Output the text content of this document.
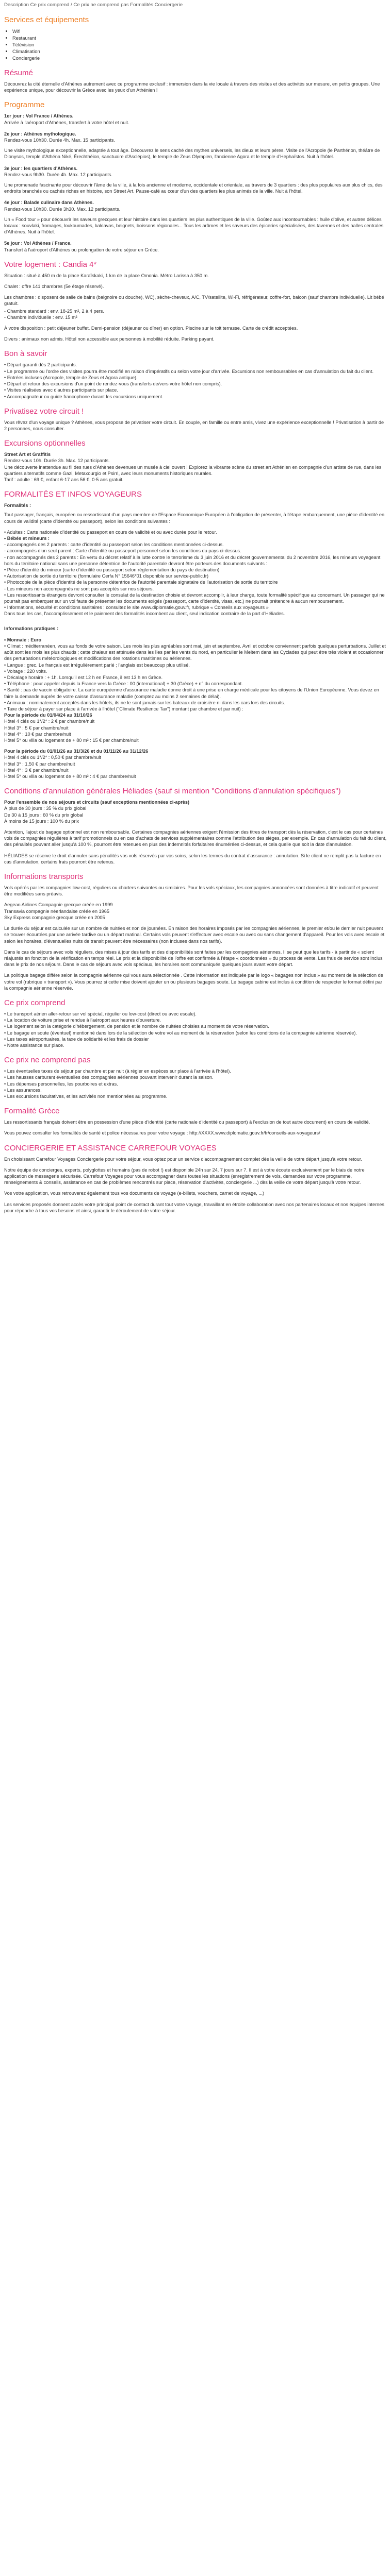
Description Ce prix comprend / Ce prix ne comprend pas Formalités Conciergerie

Services et équipements
• Wifi
• Restaurant
• Télévision
• Climatisation
• Conciergerie
Résumé

Découvrez la cité éternelle d'Athènes autrement avec ce programme exclusif : immersion dans la vie locale à travers des visites et des activités sur mesure, en petits groupes. Une expérience unique, pour découvrir la Grèce avec les yeux d'un Athénien !

Programme

1er jour : Vol France / Athènes.

Arrivée à l'aéroport d'Athènes, transfert à votre hôtel et nuit.

2e jour : Athènes mythologique.

Rendez-vous 10h30. Durée 4h. Max. 15 participants.

Une visite mythologique exceptionnelle, adaptée à tout âge. Découvrez le sens caché des mythes universels, les dieux et leurs pères. Visite de l'Acropole (le Parthénon, théâtre de Dionysos, temple d'Athéna Niké, Érechthéion, sanctuaire d'Asclépios), le temple de Zeus Olympien, l'ancienne Agora et le temple d'Hephaïstos. Nuit à l'hôtel.

3e jour : les quartiers d'Athènes.

Rendez-vous 9h30. Durée 4h. Max. 12 participants.

Une promenade fascinante pour découvrir l'âme de la ville, à la fois ancienne et moderne, occidentale et orientale, au travers de 3 quartiers : des plus populaires aux plus chics, des endroits branchés ou cachés riches en histoire, son Street Art. Pause-café au cœur d'un des quartiers les plus animés de la ville. Nuit à l'hôtel.

4e jour : Balade culinaire dans Athènes.

Rendez-vous 10h30. Durée 3h30. Max. 12 participants.

Un « Food tour » pour découvrir les saveurs grecques et leur histoire dans les quartiers les plus authentiques de la ville. Goûtez aux incontournables : huile d'olive, et autres délices locaux : souvlaki, fromages, loukoumades, baklavas, beignets, boissons régionales... Tous les arômes et les saveurs des épiceries spécialisées, des tavernes et des halles centrales d'Athènes. Nuit à l'hôtel.

5e jour : Vol Athènes / France.

Transfert à l'aéroport d'Athènes ou prolongation de votre séjour en Grèce.

Votre logement : Candia 4*

Situation : situé à 450 m de la place Karaïskaki, 1 km de la place Omonia. Métro Larissa à 350 m.

Chalet : offre 141 chambres (5e étage réservé).

Les chambres : disposent de salle de bains (baignoire ou douche), WC), sèche-cheveux, A/C, TV/satellite, Wi-Fi, réfrigérateur, coffre-fort, balcon (sauf chambre individuelle). Lit bébé gratuit.

- Chambre standard : env. 18-25 m², 2 à 4 pers.
- Chambre individuelle : env. 15 m²

À votre disposition : petit déjeuner buffet. Demi-pension (déjeuner ou dîner) en option. Piscine sur le toit terrasse. Carte de crédit acceptées.

Divers : animaux non admis. Hôtel non accessible aux personnes à mobilité réduite. Parking payant.

Bon à savoir

• Départ garanti dès 2 participants.

• Le programme ou l'ordre des visites pourra être modifié en raison d'impératifs ou selon votre jour d'arrivée. Excursions non remboursables en cas d'annulation du fait du client.

• Entrées incluses (Acropole, temple de Zeus et Agora antique).

• Départ et retour des excursions d'un point de rendez-vous (transferts de/vers votre hôtel non compris).

• Visites réalisées avec d'autres participants sur place.

• Accompagnateur ou guide francophone durant les excursions uniquement.

Privatisez votre circuit !

Vous rêvez d'un voyage unique ? Athènes, vous propose de privatiser votre circuit. En couple, en famille ou entre amis, vivez une expérience exceptionnelle ! Privatisation à partir de 2 personnes, nous consulter.

Excursions optionnelles

Street Art et Graffitis

Rendez-vous 10h. Durée 3h. Max. 12 participants.

Une découverte inattendue au fil des rues d'Athènes devenues un musée à ciel ouvert ! Explorez la vibrante scène du street art Athénien en compagnie d'un artiste de rue, dans les quartiers alternatifs comme Gazi, Metaxourgio et Psirri, avec leurs monuments historiques murales.

Tarif : adulte : 69 €, enfant 6-17 ans 56 €, 0-5 ans gratuit.

FORMALITÉS ET INFOS VOYAGEURS

Formalités :

Tout passager, français, européen ou ressortissant d'un pays membre de l'Espace Economique Européen à l'obligation de présenter, à l'étape embarquement, une pièce d'identité en cours de validité (carte d'identité ou passeport), selon les conditions suivantes :

• Adultes : Carte nationale d'identité ou passeport en cours de validité et ou avec durée pour le retour.

• Bébés et mineurs :

- accompagnés des 2 parents : carte d'identité ou passeport selon les conditions mentionnées ci-dessus.
- accompagnés d'un seul parent : Carte d'identité ou passeport personnel selon les conditions du pays ci-dessus.
- non accompagnés des 2 parents : En vertu du décret relatif à la lutte contre le terrorisme du 3 juin 2016 et du décret gouvernemental du 2 novembre 2016, les mineurs voyageant hors du territoire national sans une personne détentrice de l'autorité parentale devront être porteurs des documents suivants :

• Pièce d'identité du mineur (carte d'identité ou passeport selon réglementation du pays de destination)
• Autorisation de sortie du territoire (formulaire Cerfa N° 15646*01 disponible sur service-public.fr)
• Photocopie de la pièce d'identité de la personne détentrice de l'autorité parentale signataire de l'autorisation de sortie du territoire

- Les mineurs non accompagnés ne sont pas acceptés sur nos séjours.

• Les ressortissants étrangers devront consulter le consulat de la destination choisie et devront accomplir, à leur charge, toute formalité spécifique au concernant. Un passager qui ne pourrait pas embarquer sur un vol faute de présenter les documents exigés (passeport, carte d'identité, visas, etc.) ne pourrait prétendre à aucun remboursement.

• Informations, sécurité et conditions sanitaires : consultez le site www.diplomatie.gouv.fr, rubrique « Conseils aux voyageurs »

Dans tous les cas, l'accomplissement et le paiement des formalités incombent au client, seul indication contraire de la part d'Héliades.

Informations pratiques :

• Monnaie : Euro

• Climat : méditerranéen, vous au fonds de votre saison. Les mois les plus agréables sont mai, juin et septembre. Avril et octobre conviennent parfois quelques perturbations. Juillet et août sont les mois les plus chauds ; cette chaleur est atténuée dans les îles par les vents du nord, en particulier le Meltem dans les Cyclades qui peut être très violent et occasionner des perturbations météorologiques et modifications des rotations maritimes ou aériennes.

• Langue : grec. Le français est irrégulièrement parlé ; l'anglais est beaucoup plus utilisé.

• Voltage : 220 volts.

• Décalage horaire : + 1h. Lorsqu'il est 12 h en France, il est 13 h en Grèce.

• Téléphone : pour appeler depuis la France vers la Grèce : 00 (international) + 30 (Grèce) + n° du correspondant.

• Santé : pas de vaccin obligatoire. La carte européenne d'assurance maladie donne droit à une prise en charge médicale pour les citoyens de l'Union Européenne. Vous devez en faire la demande auprès de votre caisse d'assurance maladie (comptez au moins 2 semaines de délai).

• Animaux : nominalement acceptés dans les hôtels, ils ne le sont jamais sur les bateaux de croisière ni dans les cars lors des circuits.

• Taxe de séjour à payer sur place à l'arrivée à l'hôtel ("Climate Resilience Tax") montant par chambre et par nuit) :

Pour la période du 01/04/24 au 31/10/26

Hôtel 4 clés ou 1*/2* : 2 € par chambre/nuit
Hôtel 3* : 5 € par chambre/nuit
Hôtel 4* : 10 € par chambre/nuit
Hôtel 5* ou villa ou logement de + 80 m² : 15 € par chambre/nuit

Pour la période du 01/01/26 au 31/3/26 et du 01/11/26 au 31/12/26

Hôtel 4 clés ou 1*/2* : 0,50 € par chambre/nuit
Hôtel 3* : 1,50 € par chambre/nuit
Hôtel 4* : 3 € par chambre/nuit
Hôtel 5* ou villa ou logement de + 80 m² : 4 € par chambre/nuit

Conditions d'annulation générales Héliades (sauf si mention "Conditions d'annulation spécifiques")

Pour l'ensemble de nos séjours et circuits (sauf exceptions mentionnées ci-après)

À plus de 30 jours : 35 % du prix global
De 30 à 15 jours : 60 % du prix global
À moins de 15 jours : 100 % du prix

Attention, l'ajout de bagage optionnel est non remboursable. Certaines compagnies aériennes exigent l'émission des titres de transport dès la réservation, c'est le cas pour certaines vols de compagnies régulières à tarif promotionnels ou en cas d'achats de services supplémentaires comme l'attribution des sièges, par exemple. En cas d'annulation du fait du client, des pénalités pouvant aller jusqu'à 100 %, pourront être retenues en plus des indemnités forfaitaires énumérées ci-dessus, et cela quelle que soit la date d'annulation.

HÉLIADES se réserve le droit d'annuler sans pénalités vos vols réservés par vos soins, selon les termes du contrat d'assurance : annulation. Si le client ne remplit pas la facture en cas d'annulation, certains frais pourront être retenus.

Informations transports

Vols opérés par les compagnies low-cost, réguliers ou charters suivantes ou similaires. Pour les vols spéciaux, les compagnies annoncées sont données à titre indicatif et peuvent être modifiées sans préavis.

Aegean Airlines Compagnie grecque créée en 1999
Transavia compagnie néerlandaise créée en 1965
Sky Express compagnie grecque créée en 2005

Le durée du séjour est calculée sur un nombre de nuitées et non de journées. En raison des horaires imposés par les compagnies aériennes, le premier et/ou le dernier nuit peuvent se trouver écourtées par une arrivée tardive ou un départ matinal. Certains vols peuvent s'effectuer avec escale ou avec ou sans changement d'appareil. Pour les vols avec escale et selon les horaires, d'éventuelles nuits de transit peuvent être nécessaires (non incluses dans nos tarifs).

Dans le cas de séjours avec vols réguliers, des mises à jour des tarifs et des disponibilités sont faites par les compagnies aériennes. Il se peut que les tarifs - à partir de « soient réajustés en fonction de la vérification en temps réel. Le prix et la disponibilité de l'offre est confirmée à l'étape « coordonnées » du process de vente. Les frais de service sont inclus dans le prix de nos séjours. Dans le cas de séjours avec vols spéciaux, les horaires sont communiqués quelques jours avant votre départ.

La politique bagage diffère selon la compagnie aérienne qui vous aura sélectionnée . Cette information est indiquée par le logo « bagages non inclus » au moment de la sélection de votre vol (rubrique « transport »). Vous pourrez si cette mise doivent ajouter un ou plusieurs bagages soute. Le bagage cabine est inclus à condition de respecter le format défini par la compagnie aérienne réservée.

Ce prix comprend

• Le transport aérien aller-retour sur vol spécial, régulier ou low-cost (direct ou avec escale).

• La location de voiture prise et rendue à l'aéroport aux heures d'ouverture.

• Le logement selon la catégorie d'hébergement, de pension et le nombre de nuitées choisies au moment de votre réservation.

• Le bagage en soute (éventuel) mentionné dans lors de la sélection de votre vol au moment de la réservation (selon les conditions de la compagnie aérienne réservée).

• Les taxes aéroportuaires, la taxe de solidarité et les frais de dossier

• Notre assistance sur place.

Ce prix ne comprend pas

• Les éventuelles taxes de séjour par chambre et par nuit (à régler en espèces sur place à l'arrivée à l'hôtel).

• Les hausses carburant éventuelles des compagnies aériennes pouvant intervenir durant la saison.

• Les dépenses personnelles, les pourboires et extras.

• Les assurances.

• Les excursions facultatives, et les activités non mentionnées au programme.

Formalité Grèce

Les ressortissants français doivent être en possession d'une pièce d'identité (carte nationale d'identité ou passeport) à l'exclusion de tout autre document) en cours de validité.

Vous pouvez consulter les formalités de santé et police nécessaires pour votre voyage : http://XXXX.www.diplomatie.gouv.fr/fr/conseils-aux-voyageurs/

CONCIERGERIE ET ASSISTANCE CARREFOUR VOYAGES

En choisissant Carrefour Voyages Conciergerie pour votre séjour, vous optez pour un service d'accompagnement complet dès la veille de votre départ jusqu'à votre retour.

Notre équipe de concierges, experts, polyglottes et humains (pas de robot !) est disponible 24h sur 24, 7 jours sur 7. Il est à votre écoute exclusivement par le biais de notre application de messagerie sécurisée. Carrefour Voyages pour vous accompagner dans toutes les situations (enregistrement de vols, demandes sur votre programme, renseignements & conseils, assistance en cas de problèmes rencontrés sur place, réservation d'activités, conciergerie ...) dès la veille de votre départ jusqu'à votre retour.

Vos votre application, vous retrouverez également tous vos documents de voyage (e-billets, vouchers, carnet de voyage, ...)

Les services proposés donnent accès votre principal point de contact durant tout votre voyage, travaillant en étroite collaboration avec nos partenaires locaux et nos équipes internes pour répondre à tous vos besoins et ainsi, garantir le déroulement de votre séjour.
